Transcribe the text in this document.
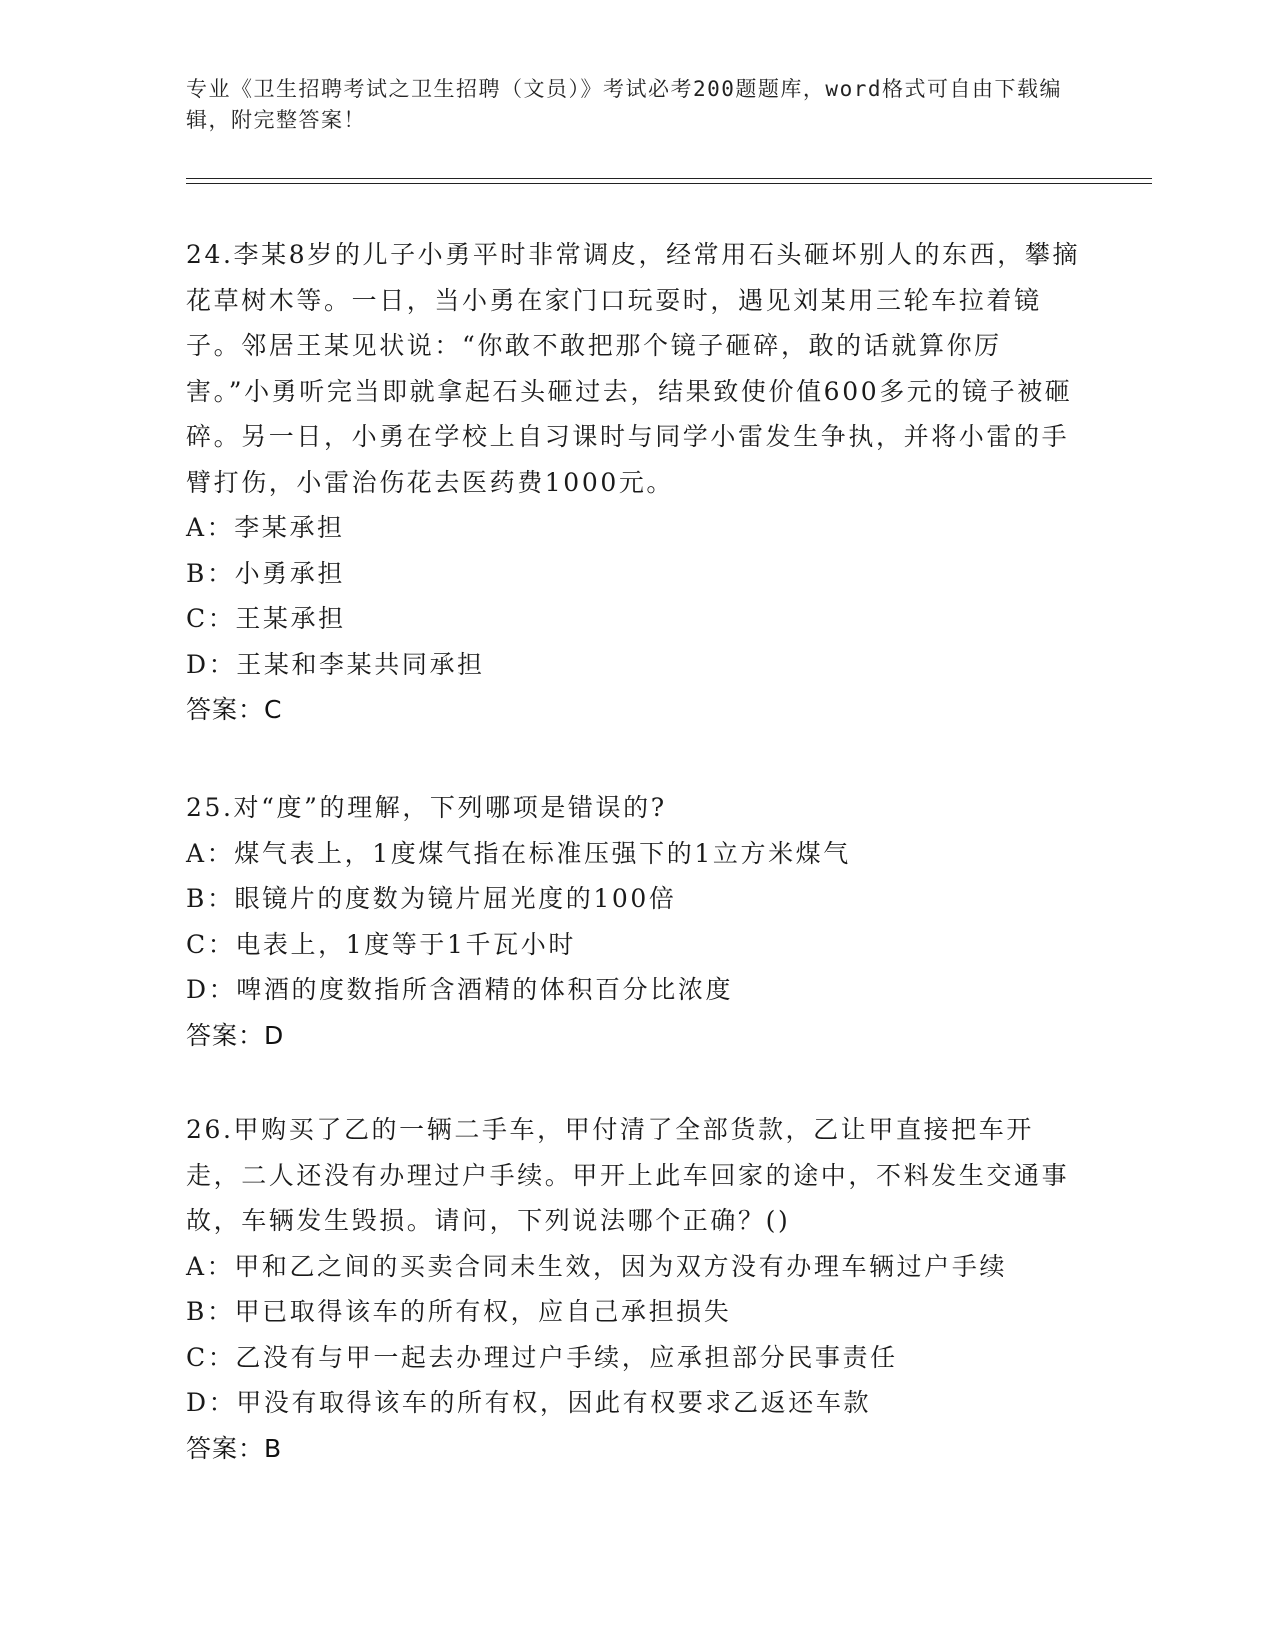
专业《卫生招聘考试之卫生招聘（文员）》考试必考200题题库，word格式可自由下载编辑，附完整答案！

24.李某8岁的儿子小勇平时非常调皮，经常用石头砸坏别人的东西，攀摘花草树木等。一日，当小勇在家门口玩耍时，遇见刘某用三轮车拉着镜子。邻居王某见状说：“你敢不敢把那个镜子砸碎，敢的话就算你厉害。”小勇听完当即就拿起石头砸过去，结果致使价值600多元的镜子被砸碎。另一日，小勇在学校上自习课时与同学小雷发生争执，并将小雷的手臂打伤，小雷治伤花去医药费1000元。

A：李某承担

B：小勇承担

C：王某承担

D：王某和李某共同承担

答案：C

25.对“度”的理解，下列哪项是错误的?

A：煤气表上，1度煤气指在标准压强下的1立方米煤气

B：眼镜片的度数为镜片屈光度的100倍

C：电表上，1度等于1千瓦小时

D：啤酒的度数指所含酒精的体积百分比浓度

答案：D

26.甲购买了乙的一辆二手车，甲付清了全部货款，乙让甲直接把车开走，二人还没有办理过户手续。甲开上此车回家的途中，不料发生交通事故，车辆发生毁损。请问，下列说法哪个正确？()

A：甲和乙之间的买卖合同未生效，因为双方没有办理车辆过户手续

B：甲已取得该车的所有权，应自己承担损失

C：乙没有与甲一起去办理过户手续，应承担部分民事责任

D：甲没有取得该车的所有权，因此有权要求乙返还车款

答案：B
